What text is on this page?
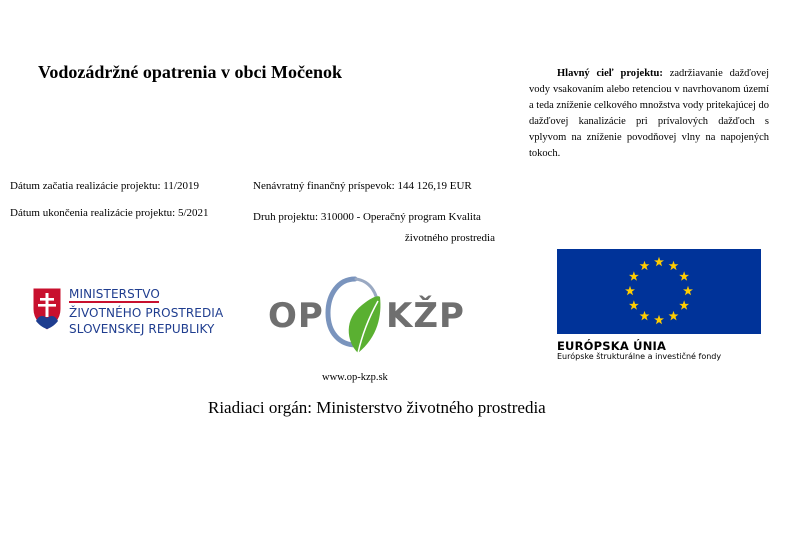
Vodozádržné opatrenia v obci Močenok	Hlavný cieľ projektu: zadržiavanie dažďovej vody vsakovaním alebo retenciou v navrhovanom území a teda zníženie celkového množstva vody pritekajúcej do dažďovej kanalizácie pri prívalových dažďoch s vplyvom na zníženie povodňovej vlny na napojených tokoch.
Dátum začatia realizácie projektu: 11/2019
Dátum ukončenia realizácie projektu: 5/2021
Nenávratný finančný príspevok: 144 126,19 EUR
Druh projektu: 310000 - Operačný program Kvalita
životného prostredia
MINISTERSTVO
ŽIVOTNÉHO PROSTREDIA
SLOVENSKEJ REPUBLIKY OP KŽP
www.op-kzp.sk
EURÓPSKA ÚNIA
Európske štrukturálne a investičné fondy
Riadiaci orgán: Ministerstvo životného prostredia
